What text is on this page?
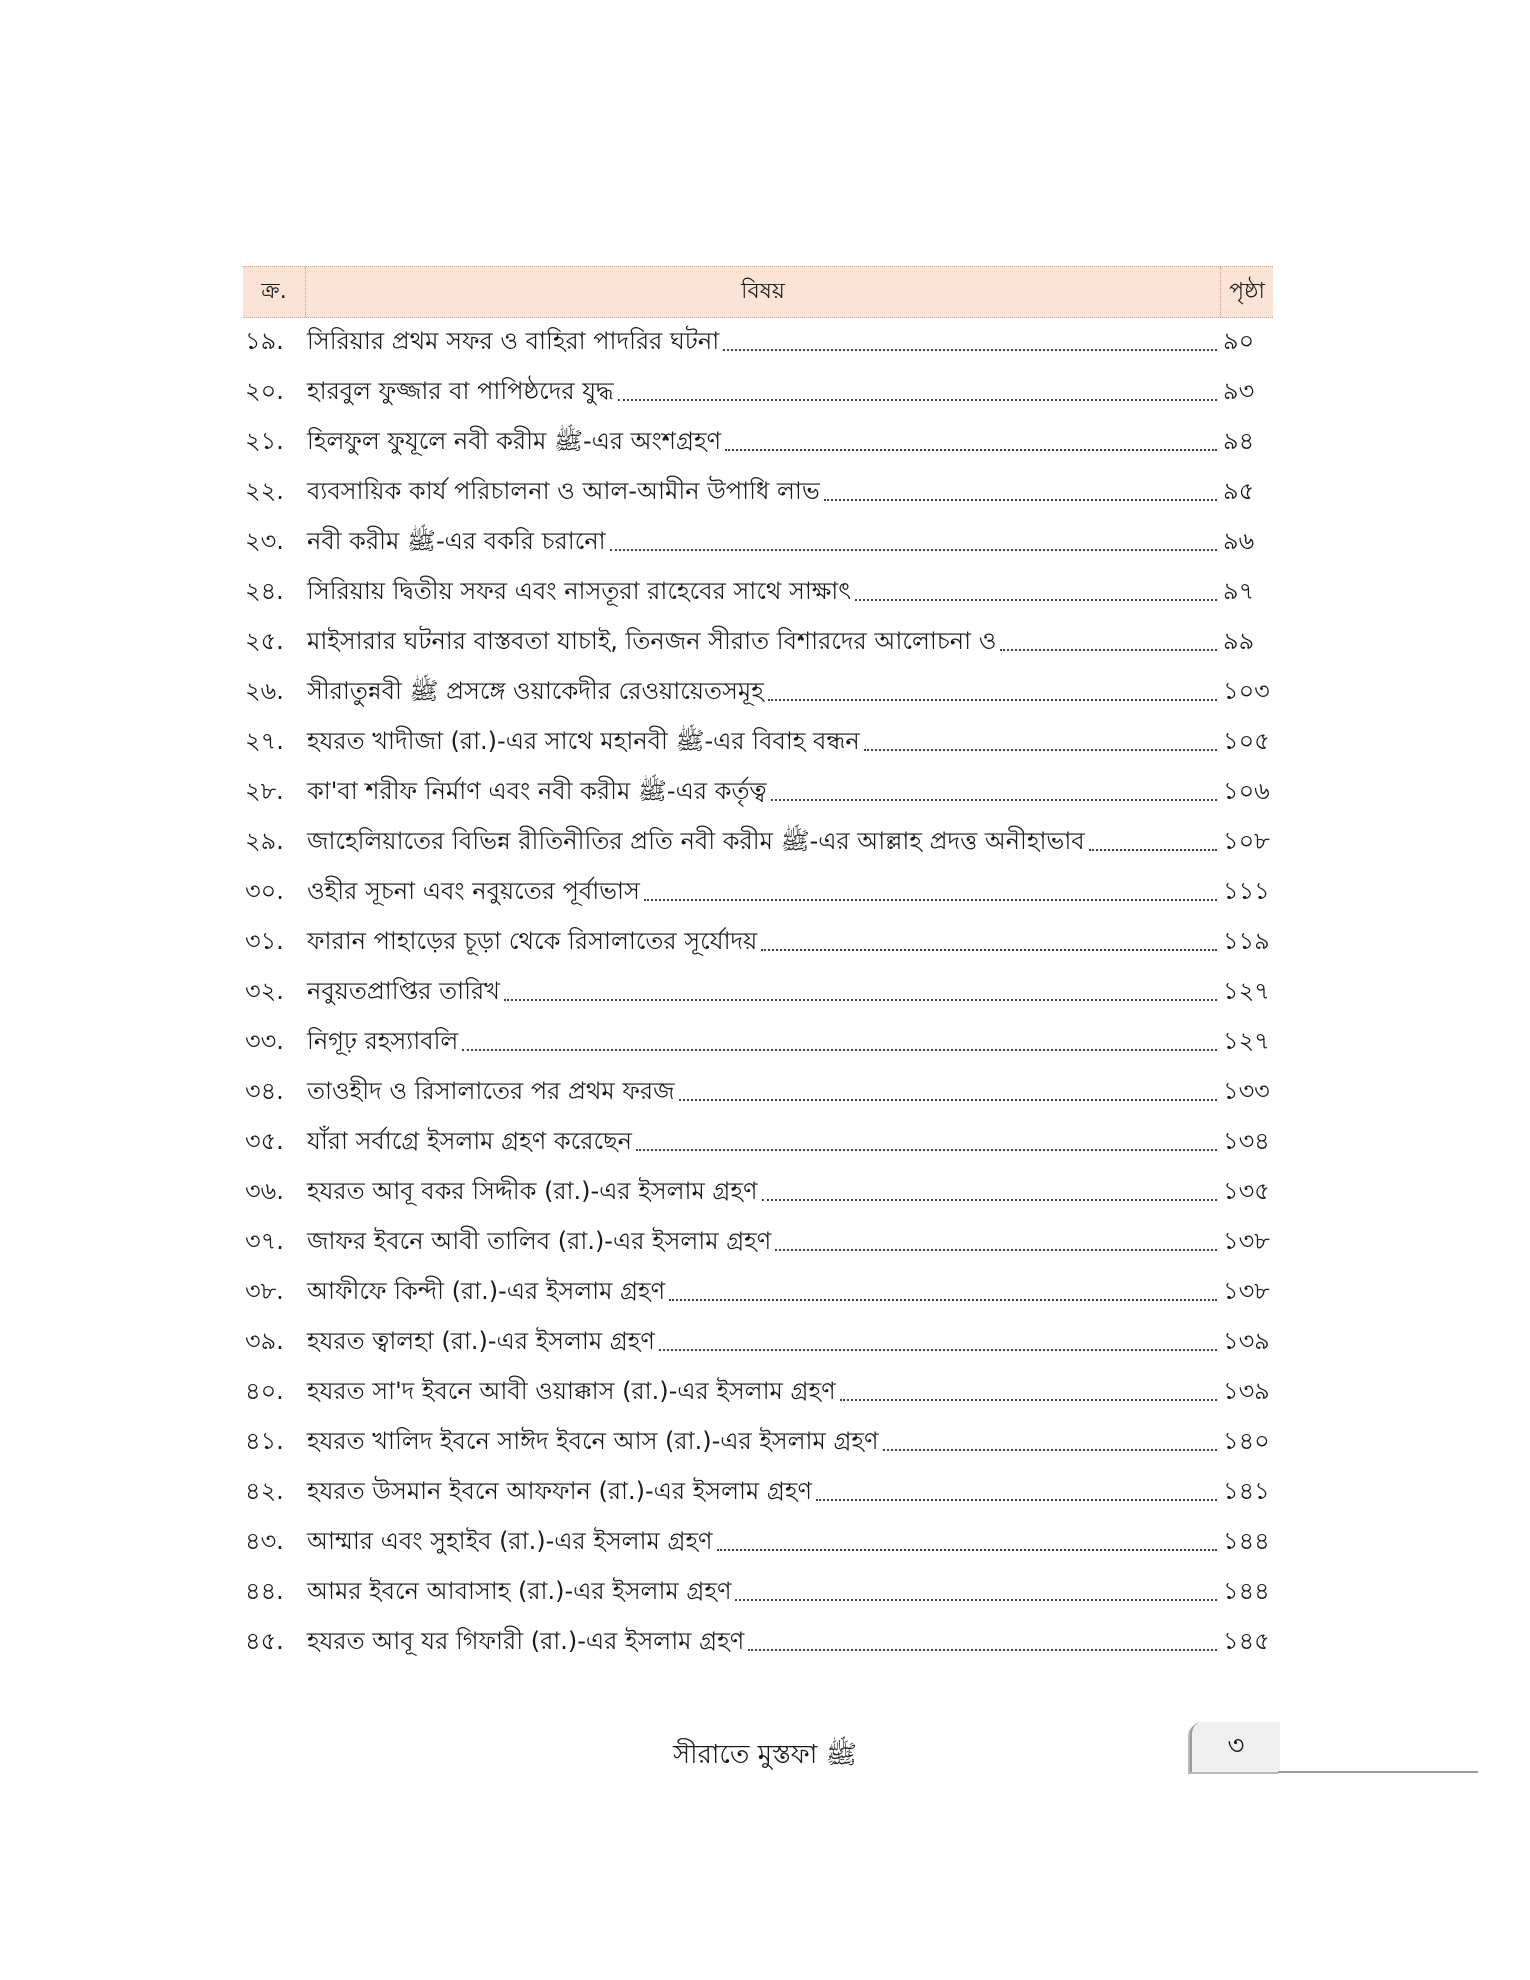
ক্র.	বিষয়	পৃষ্ঠা
১৯. সিরিয়ার প্রথম সফর ও বাহিরা পাদরির ঘটনা	৯০
২০. হারবুল ফুজ্জার বা পাপিষ্ঠদের যুদ্ধ	৯৩
২১. হিলফুল ফুযূলে নবী করীম ﷺ-এর অংশগ্রহণ	৯৪
২২. ব্যবসায়িক কার্য পরিচালনা ও আল-আমীন উপাধি লাভ	৯৫
২৩. নবী করীম ﷺ-এর বকরি চরানো	৯৬
২৪. সিরিয়ায় দ্বিতীয় সফর এবং নাসতূরা রাহেবের সাথে সাক্ষাৎ	৯৭
২৫. মাইসারার ঘটনার বাস্তবতা যাচাই, তিনজন সীরাত বিশারদের আলোচনা ও	৯৯
২৬. সীরাতুন্নবী ﷺ প্রসঙ্গে ওয়াকেদীর রেওয়ায়েতসমূহ	১০৩
২৭. হযরত খাদীজা (রা.)-এর সাথে মহানবী ﷺ-এর বিবাহ বন্ধন	১০৫
২৮. কা'বা শরীফ নির্মাণ এবং নবী করীম ﷺ-এর কর্তৃত্ব	১০৬
২৯. জাহেলিয়াতের বিভিন্ন রীতিনীতির প্রতি নবী করীম ﷺ-এর আল্লাহ প্রদত্ত অনীহাভাব	১০৮
৩০. ওহীর সূচনা এবং নবুয়তের পূর্বাভাস	১১১
৩১. ফারান পাহাড়ের চূড়া থেকে রিসালাতের সূর্যোদয়	১১৯
৩২. নবুয়তপ্রাপ্তির তারিখ	১২৭
৩৩. নিগূঢ় রহস্যাবলি	১২৭
৩৪. তাওহীদ ও রিসালাতের পর প্রথম ফরজ	১৩৩
৩৫. যাঁরা সর্বাগ্রে ইসলাম গ্রহণ করেছেন	১৩৪
৩৬. হযরত আবূ বকর সিদ্দীক (রা.)-এর ইসলাম গ্রহণ	১৩৫
৩৭. জাফর ইবনে আবী তালিব (রা.)-এর ইসলাম গ্রহণ	১৩৮
৩৮. আফীফে কিন্দী (রা.)-এর ইসলাম গ্রহণ	১৩৮
৩৯. হযরত ত্বালহা (রা.)-এর ইসলাম গ্রহণ	১৩৯
৪০. হযরত সা'দ ইবনে আবী ওয়াক্কাস (রা.)-এর ইসলাম গ্রহণ	১৩৯
৪১. হযরত খালিদ ইবনে সাঈদ ইবনে আস (রা.)-এর ইসলাম গ্রহণ	১৪০
৪২. হযরত উসমান ইবনে আফফান (রা.)-এর ইসলাম গ্রহণ	১৪১
৪৩. আম্মার এবং সুহাইব (রা.)-এর ইসলাম গ্রহণ	১৪৪
৪৪. আমর ইবনে আবাসাহ (রা.)-এর ইসলাম গ্রহণ	১৪৪
৪৫. হযরত আবূ যর গিফারী (রা.)-এর ইসলাম গ্রহণ	১৪৫
সীরাতে মুস্তফা ﷺ	৩
